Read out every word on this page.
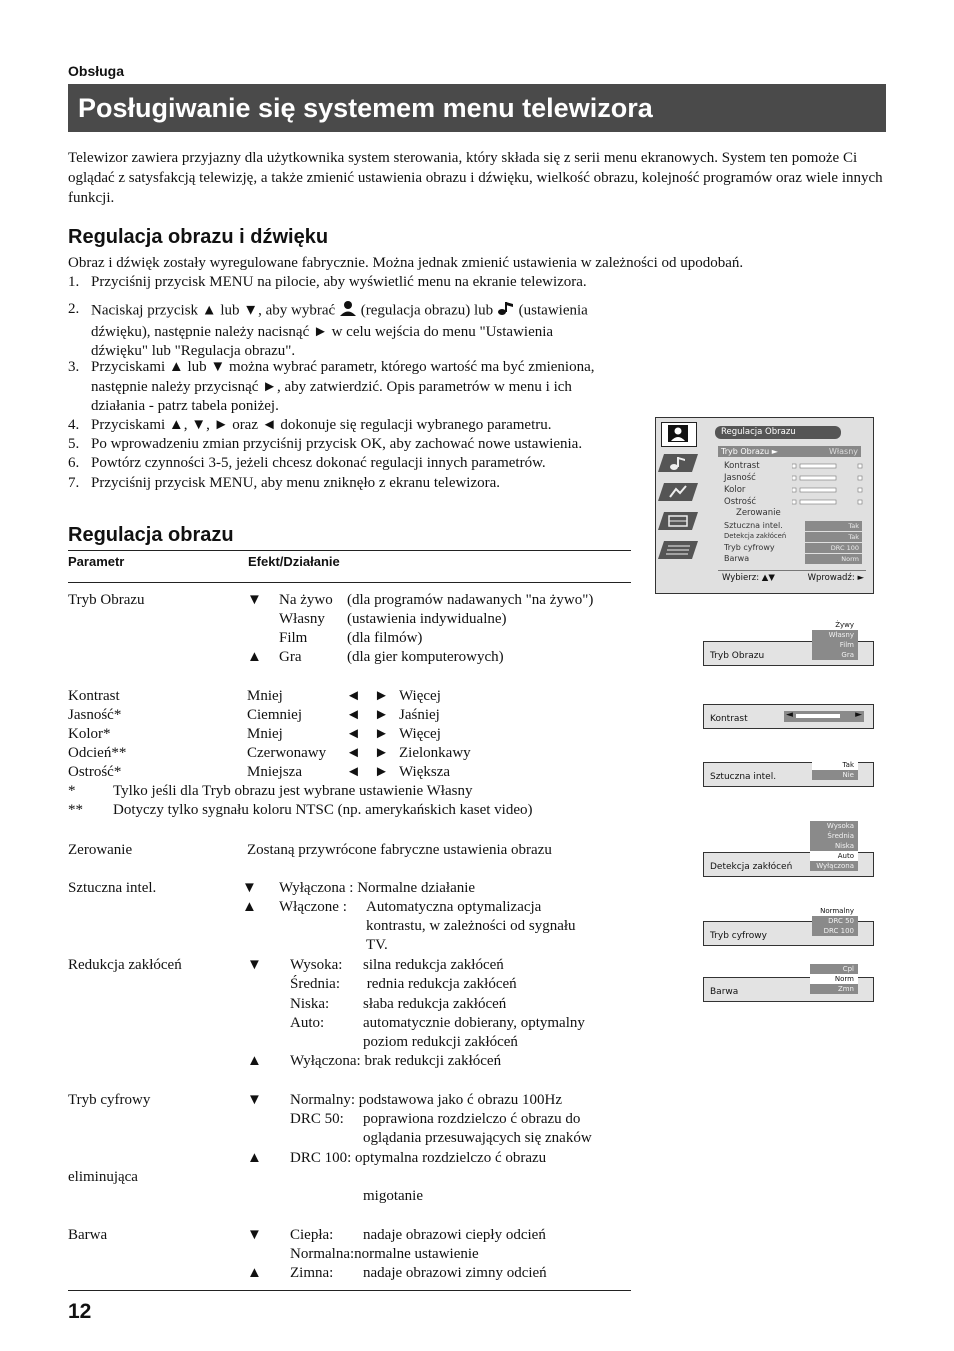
Obsługa
Posługiwanie się systemem menu telewizora
Telewizor zawiera przyjazny dla użytkownika system sterowania, który składa się z serii menu ekranowych. System ten pomoże Ci oglądać z satysfakcją telewizję, a także zmienić ustawienia obrazu i dźwięku, wielkość obrazu, kolejność programów oraz wiele innych funkcji.
Regulacja obrazu i dźwięku
Obraz i dźwięk zostały wyregulowane fabrycznie. Można jednak zmienić ustawienia w zależności od upodobań.
1. Przyciśnij przycisk MENU na pilocie, aby wyświetlić menu na ekranie telewizora.
2. Naciskaj przycisk ▲ lub ▼, aby wybrać (regulacja obrazu) lub (ustawienia
dźwięku), następnie należy nacisnąć ► w celu wejścia do menu "Ustawienia
dźwięku" lub "Regulacja obrazu".
3. Przyciskami ▲ lub ▼ można wybrać parametr, którego wartość ma być zmieniona,
następnie należy przycisnąć ►, aby zatwierdzić. Opis parametrów w menu i ich
działania - patrz tabela poniżej.
4. Przyciskami ▲, ▼, ► oraz ◄ dokonuje się regulacji wybranego parametru.
5. Po wprowadzeniu zmian przyciśnij przycisk OK, aby zachować nowe ustawienia.
6. Powtórz czynności 3-5, jeżeli chcesz dokonać regulacji innych parametrów.
7. Przyciśnij przycisk MENU, aby menu zniknęło z ekranu telewizora.
Regulacja Obrazu
Tryb Obrazu ►	Własny
Kontrast
Jasność
Kolor
Ostrość
Zerowanie
Sztuczna intel.	Tak
Detekcja zakłóceń	Tak
Tryb cyfrowy	DRC 100
Barwa	Norm
Wybierz: ▲▼	Wprowadź: ►
Regulacja obrazu
Parametr	Efekt/Działanie
Tryb Obrazu	▼ Na żywo (dla programów nadawanych "na żywo")
Własny (ustawienia indywidualne)
Film	(dla filmów)
▲ Gra	(dla gier komputerowych)
Kontrast	Mniej	◄ ► Więcej
Jasność*	Ciemniej	◄ ► Jaśniej
Kolor*	Mniej	◄ ► Więcej
Odcień**	Czerwonawy ◄ ► Zielonkawy
Ostrość*	Mniejsza	◄ ► Większa
*	Tylko jeśli dla Tryb obrazu jest wybrane ustawienie Własny
** Dotyczy tylko sygnału koloru NTSC (np. amerykańskich kaset video)
Zerowanie	Zostaną przywrócone fabryczne ustawienia obrazu
Sztuczna intel.	▼ Wyłączona : Normalne działanie
▲ Włączone : Automatyczna optymalizacja
kontrastu, w zależności od sygnału
TV.
Redukcja zakłóceń	▼ Wysoka: silna redukcja zakłóceń
Średnia: rednia redukcja zakłóceń
Niska: słaba redukcja zakłóceń
Auto:	automatycznie dobierany, optymalny
poziom redukcji zakłóceń
▲ Wyłączona: brak redukcji zakłóceń
Tryb cyfrowy	▼ Normalny: podstawowa jako ć obrazu 100Hz
DRC 50: poprawiona rozdzielczo ć obrazu do
oglądania przesuwających się znaków
▲ DRC 100: optymalna rozdzielczo ć obrazu
eliminująca
migotanie
Barwa	▼ Ciepła: nadaje obrazowi ciepły odcień
Normalna:normalne ustawienie
▲ Zimna: nadaje obrazowi zimny odcień
Tryb Obrazu
Żywy
Własny
Film
Gra
Kontrast	◄	►
Sztuczna intel.
Tak
Nie
Detekcja zakłóceń
Wysoka
Średnia
Niska
Auto
Wyłączona
Tryb cyfrowy
Normalny
DRC 50
DRC 100
Barwa
Cpl
Norm
Zmn
12
